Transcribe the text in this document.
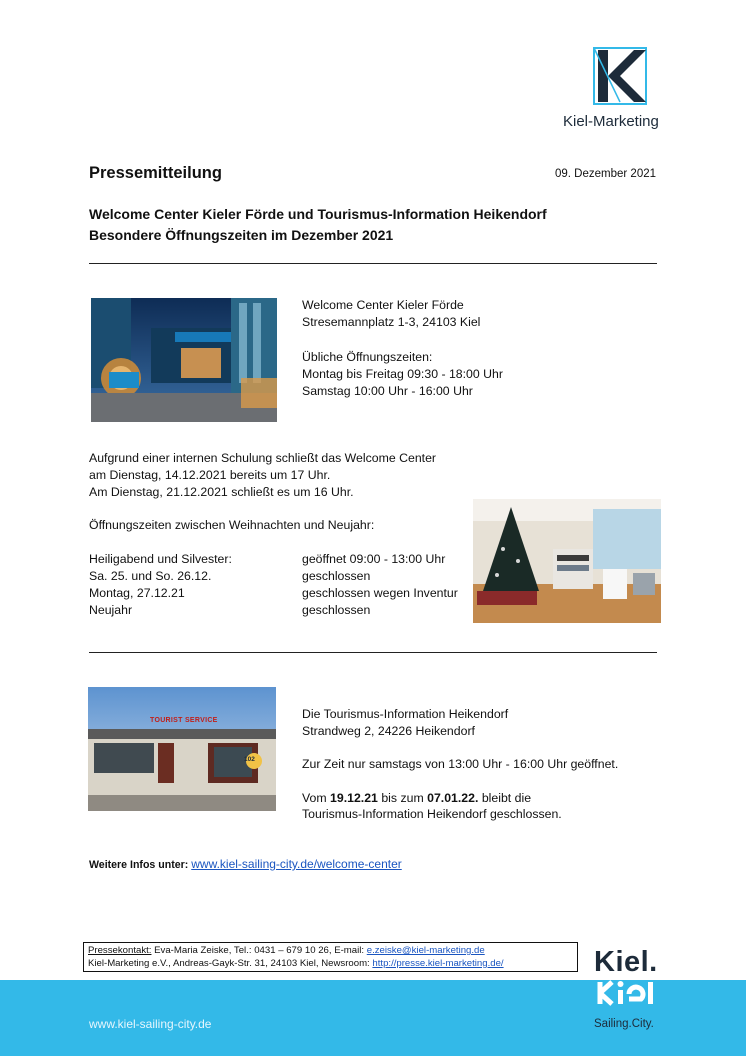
Kiel-Marketing
Pressemitteilung	09. Dezember 2021
Welcome Center Kieler Förde und Tourismus-Information Heikendorf
Besondere Öffnungszeiten im Dezember 2021
Welcome Center Kieler Förde
Stresemannplatz 1-3, 24103 Kiel
Übliche Öffnungszeiten:
Montag bis Freitag 09:30 - 18:00 Uhr
Samstag 10:00 Uhr - 16:00 Uhr
Aufgrund einer internen Schulung schließt das Welcome Center
am Dienstag, 14.12.2021 bereits um 17 Uhr.
Am Dienstag, 21.12.2021 schließt es um 16 Uhr.
Öffnungszeiten zwischen Weihnachten und Neujahr:
Heiligabend und Silvester:	geöffnet 09:00 - 13:00 Uhr
Sa. 25. und So. 26.12.	geschlossen
Montag, 27.12.21	geschlossen wegen Inventur
Neujahr	geschlossen
TOURIST SERVICE
102
Die Tourismus-Information Heikendorf
Strandweg 2, 24226 Heikendorf
Zur Zeit nur samstags von 13:00 Uhr - 16:00 Uhr geöffnet.
Vom 19.12.21 bis zum 07.01.22. bleibt die
Tourismus-Information Heikendorf geschlossen.
Weitere Infos unter: www.kiel-sailing-city.de/welcome-center
www.kiel-sailing-city.de
Pressekontakt: Eva-Maria Zeiske, Tel.: 0431 – 679 10 26, E-mail: e.zeiske@kiel-marketing.de
Kiel-Marketing e.V., Andreas-Gayk-Str. 31, 24103 Kiel, Newsroom: http://presse.kiel-marketing.de/	Kiel.
Sailing.City.
